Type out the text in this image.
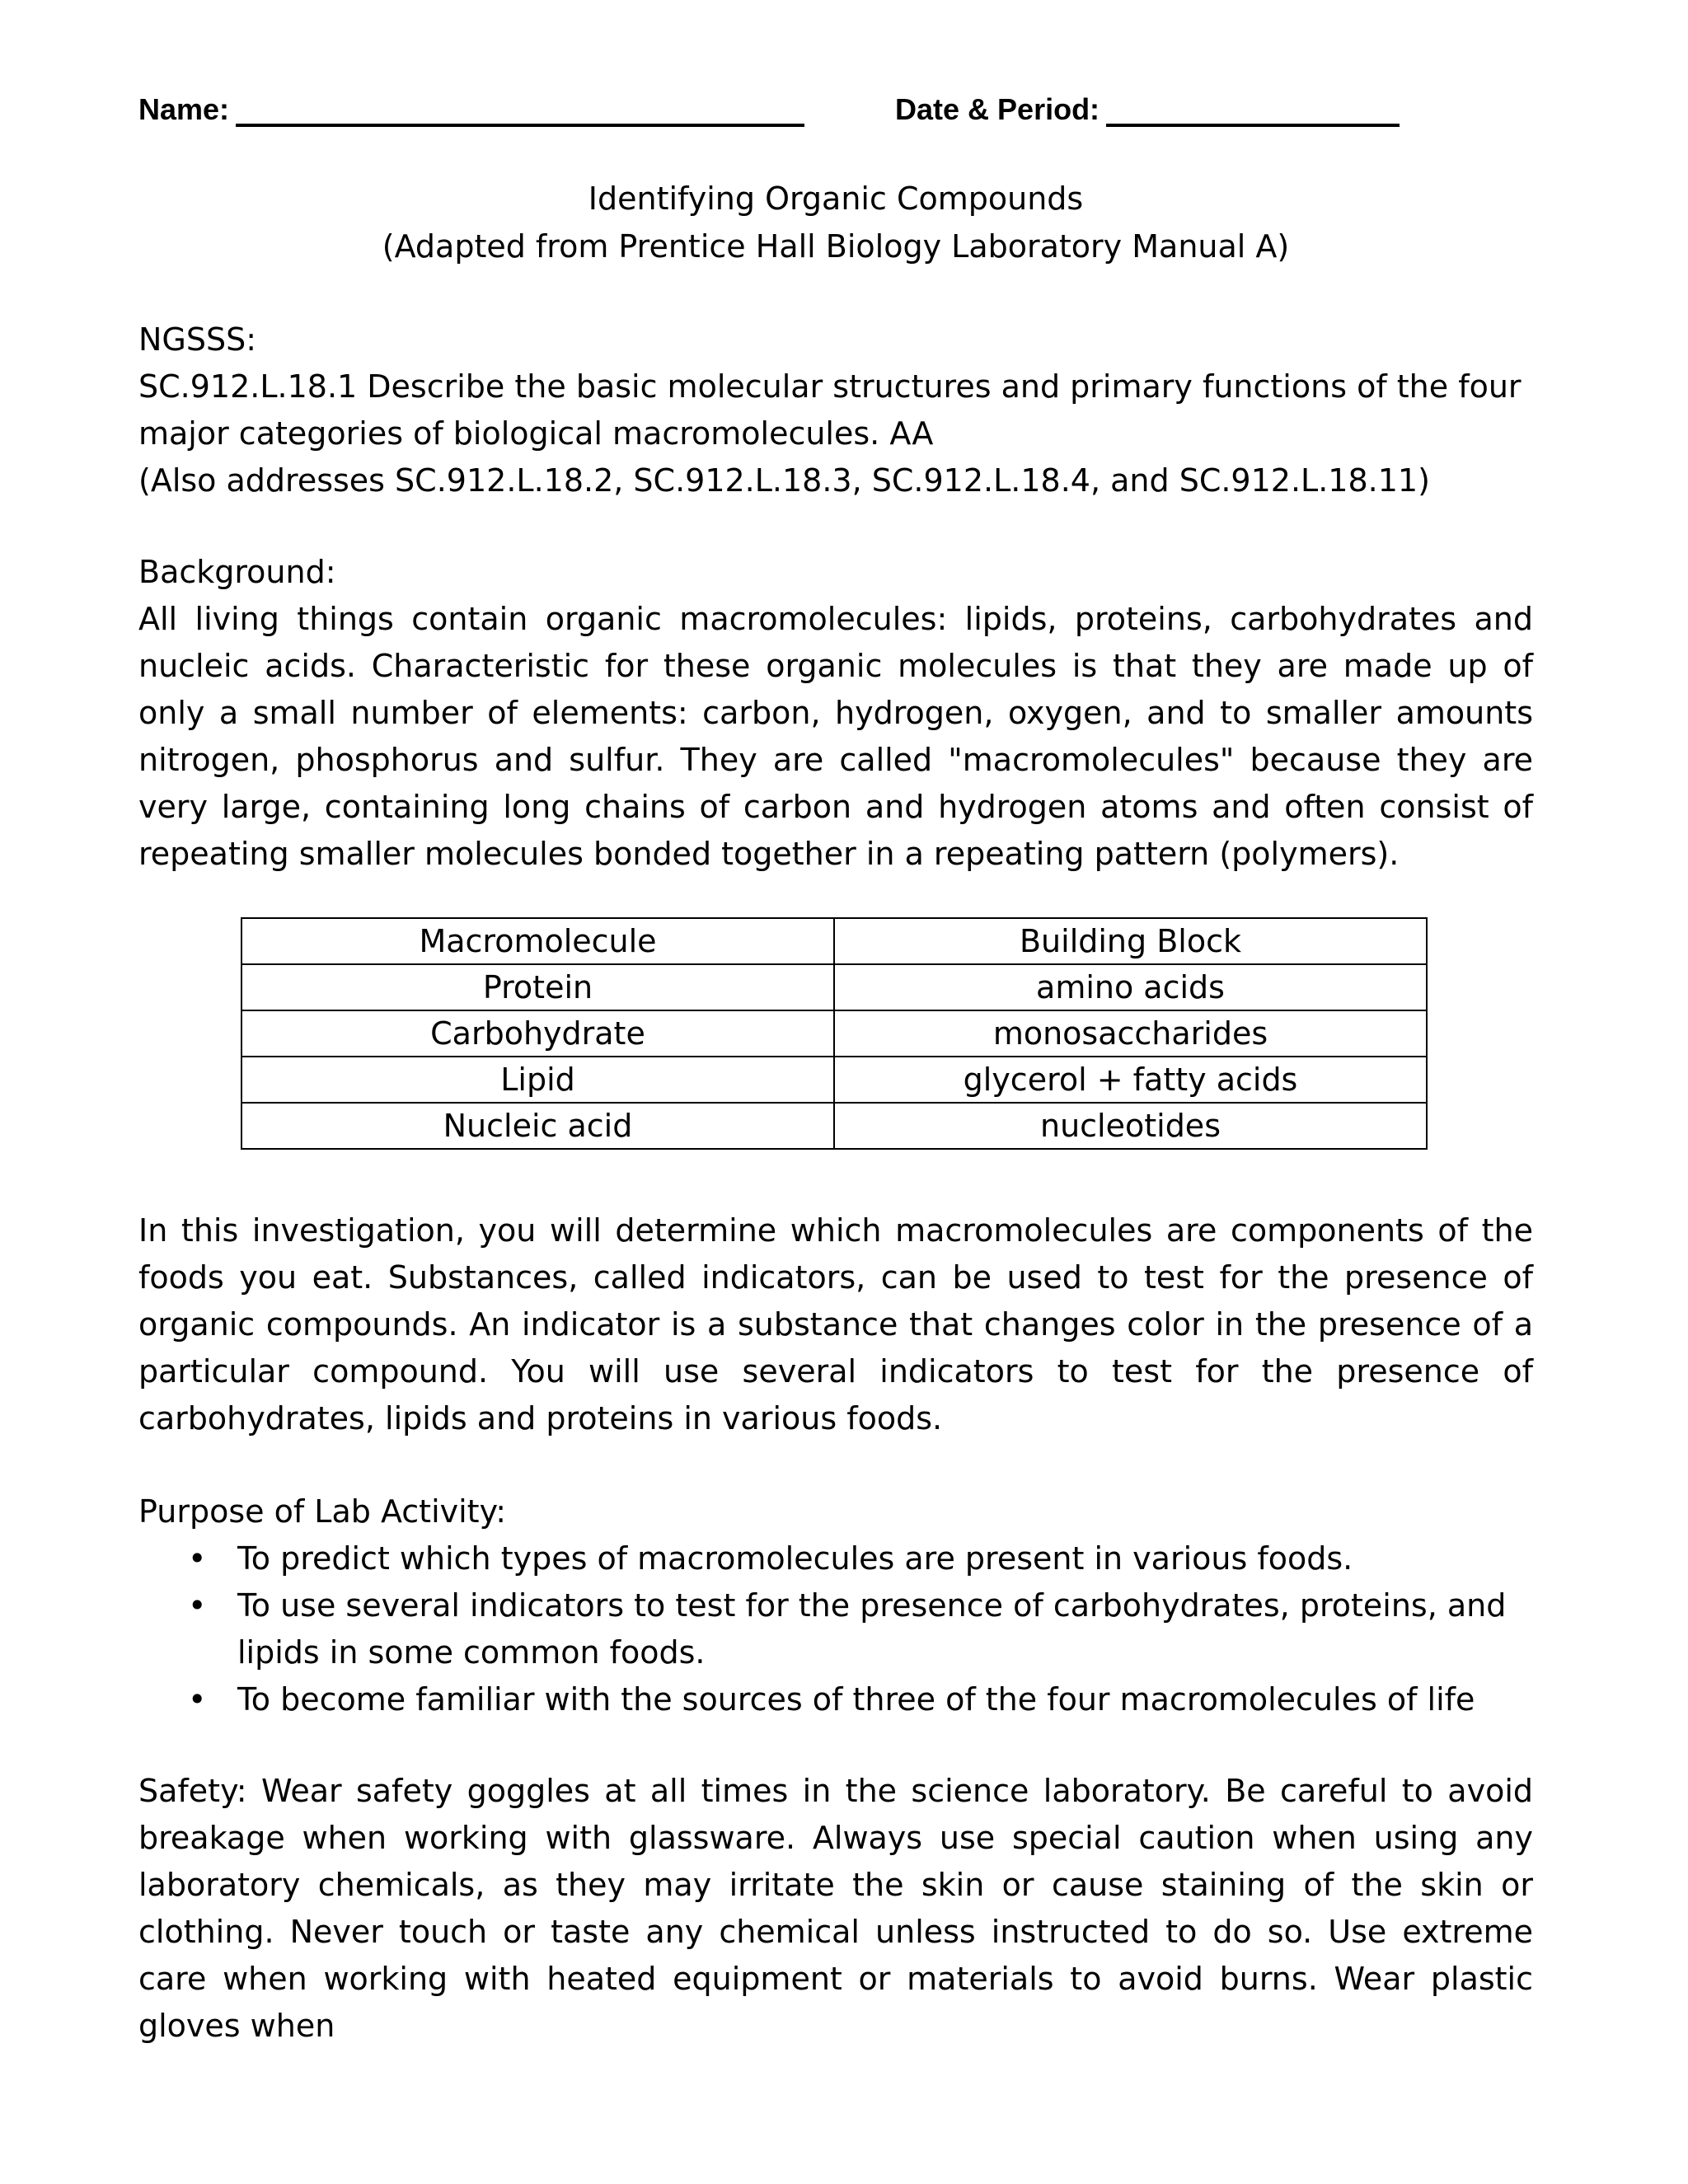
Name:	Date & Period:
Identifying Organic Compounds
(Adapted from Prentice Hall Biology Laboratory Manual A)
NGSSS:
SC.912.L.18.1 Describe the basic molecular structures and primary functions of the four major categories of biological macromolecules. AA
(Also addresses SC.912.L.18.2, SC.912.L.18.3, SC.912.L.18.4, and SC.912.L.18.11)
Background:
All living things contain organic macromolecules: lipids, proteins, carbohydrates and nucleic acids. Characteristic for these organic molecules is that they are made up of only a small number of elements: carbon, hydrogen, oxygen, and to smaller amounts nitrogen, phosphorus and sulfur. They are called "macromolecules" because they are very large, containing long chains of carbon and hydrogen atoms and often consist of repeating smaller molecules bonded together in a repeating pattern (polymers).
Macromolecule	Building Block
Protein	amino acids
Carbohydrate	monosaccharides
Lipid	glycerol + fatty acids
Nucleic acid	nucleotides
In this investigation, you will determine which macromolecules are components of the foods you eat. Substances, called indicators, can be used to test for the presence of organic compounds. An indicator is a substance that changes color in the presence of a particular compound. You will use several indicators to test for the presence of carbohydrates, lipids and proteins in various foods.
Purpose of Lab Activity:
• To predict which types of macromolecules are present in various foods.
• To use several indicators to test for the presence of carbohydrates, proteins, and lipids in some common foods.
• To become familiar with the sources of three of the four macromolecules of life
Safety: Wear safety goggles at all times in the science laboratory. Be careful to avoid breakage when working with glassware. Always use special caution when using any laboratory chemicals, as they may irritate the skin or cause staining of the skin or clothing. Never touch or taste any chemical unless instructed to do so. Use extreme care when working with heated equipment or materials to avoid burns. Wear plastic gloves when
